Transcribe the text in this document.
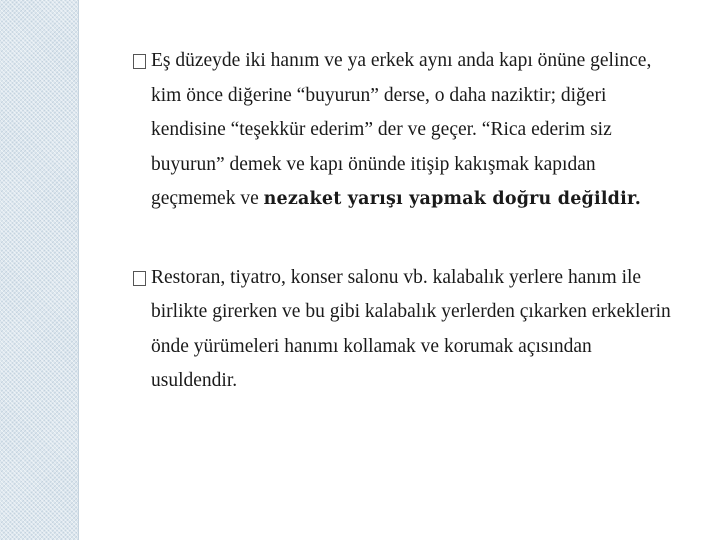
Eş düzeyde iki hanım ve ya erkek aynı anda kapı önüne gelince, kim önce diğerine “buyurun” derse, o daha naziktir; diğeri kendisine “teşekkür ederim” der ve geçer. “Rica ederim siz buyurun” demek ve kapı önünde itişip kakışmak kapıdan geçmemek ve nezaket yarışı yapmak doğru değildir.
Restoran, tiyatro, konser salonu vb. kalabalık yerlere hanım ile birlikte girerken ve bu gibi kalabalık yerlerden çıkarken erkeklerin önde yürümeleri hanımı kollamak ve korumak açısından usuldendir.
